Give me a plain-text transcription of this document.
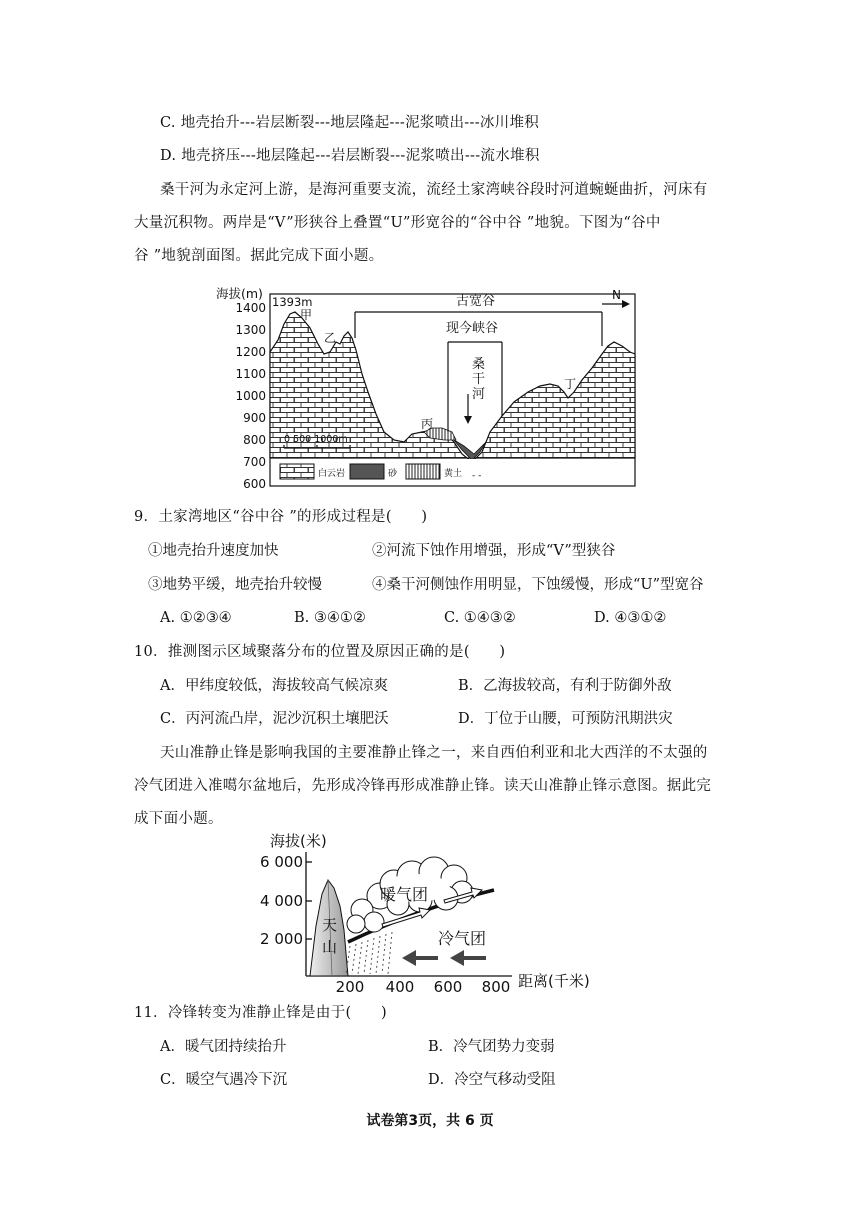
C. 地壳抬升---岩层断裂---地层隆起---泥浆喷出---冰川堆积
D. 地壳挤压---地层隆起---岩层断裂---泥浆喷出---流水堆积
桑干河为永定河上游，是海河重要支流，流经土家湾峡谷段时河道蜿蜒曲折，河床有
大量沉积物。两岸是“V”形狭谷上叠置“U”形宽谷的“谷中谷 ”地貌。下图为“谷中
谷 ”地貌剖面图。据此完成下面小题。
海拔(m)
1400
1300
1200
1100
1000
900
800
700
600
古宽谷
现今峡谷
桑
干
河
N
1393m
甲
乙
丙
丁
0 500 1000m
白云岩	砂	黄土 - -
9．土家湾地区“谷中谷 ”的形成过程是(　　)
①地壳抬升速度加快	②河流下蚀作用增强，形成“V”型狭谷
③地势平缓，地壳抬升较慢	④桑干河侧蚀作用明显，下蚀缓慢，形成“U”型宽谷
A. ①②③④	B. ③④①②	C. ①④③②	D. ④③①②
10．推测图示区域聚落分布的位置及原因正确的是(　　)
A．甲纬度较低，海拔较高气候凉爽	B．乙海拔较高，有利于防御外敌
C．丙河流凸岸，泥沙沉积土壤肥沃	D．丁位于山腰，可预防汛期洪灾
天山准静止锋是影响我国的主要准静止锋之一，来自西伯利亚和北大西洋的不太强的
冷气团进入准噶尔盆地后，先形成冷锋再形成准静止锋。读天山准静止锋示意图。据此完
成下面小题。
海拔(米)
6 000
4 000
2 000
200 400 600 800 距离(千米)
天
山
暖气团
冷气团
11．冷锋转变为准静止锋是由于(　　)
A．暖气团持续抬升	B．冷气团势力变弱
C．暖空气遇冷下沉	D．冷空气移动受阻
试卷第3页，共 6 页
